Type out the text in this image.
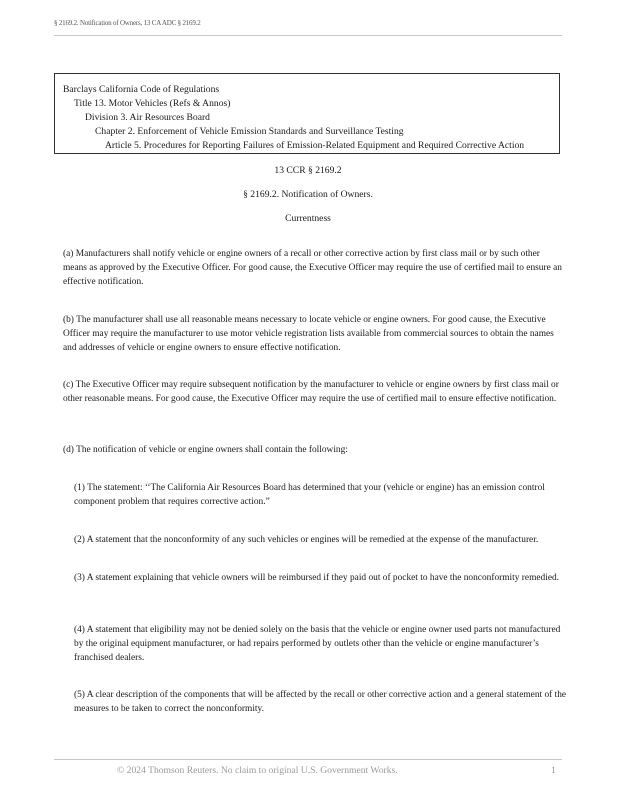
§ 2169.2. Notification of Owners, 13 CA ADC § 2169.2
Barclays California Code of Regulations
Title 13. Motor Vehicles (Refs & Annos)
Division 3. Air Resources Board
Chapter 2. Enforcement of Vehicle Emission Standards and Surveillance Testing
Article 5. Procedures for Reporting Failures of Emission-Related Equipment and Required Corrective Action
13 CCR § 2169.2
§ 2169.2. Notification of Owners.
Currentness
(a) Manufacturers shall notify vehicle or engine owners of a recall or other corrective action by first class mail or by such other means as approved by the Executive Officer. For good cause, the Executive Officer may require the use of certified mail to ensure an effective notification.
(b) The manufacturer shall use all reasonable means necessary to locate vehicle or engine owners. For good cause, the Executive Officer may require the manufacturer to use motor vehicle registration lists available from commercial sources to obtain the names and addresses of vehicle or engine owners to ensure effective notification.
(c) The Executive Officer may require subsequent notification by the manufacturer to vehicle or engine owners by first class mail or other reasonable means. For good cause, the Executive Officer may require the use of certified mail to ensure effective notification.
(d) The notification of vehicle or engine owners shall contain the following:
(1) The statement: ‘‘The California Air Resources Board has determined that your (vehicle or engine) has an emission control component problem that requires corrective action.”
(2) A statement that the nonconformity of any such vehicles or engines will be remedied at the expense of the manufacturer.
(3) A statement explaining that vehicle owners will be reimbursed if they paid out of pocket to have the nonconformity remedied.
(4) A statement that eligibility may not be denied solely on the basis that the vehicle or engine owner used parts not manufactured by the original equipment manufacturer, or had repairs performed by outlets other than the vehicle or engine manufacturer’s franchised dealers.
(5) A clear description of the components that will be affected by the recall or other corrective action and a general statement of the measures to be taken to correct the nonconformity.
© 2024 Thomson Reuters. No claim to original U.S. Government Works.	1
